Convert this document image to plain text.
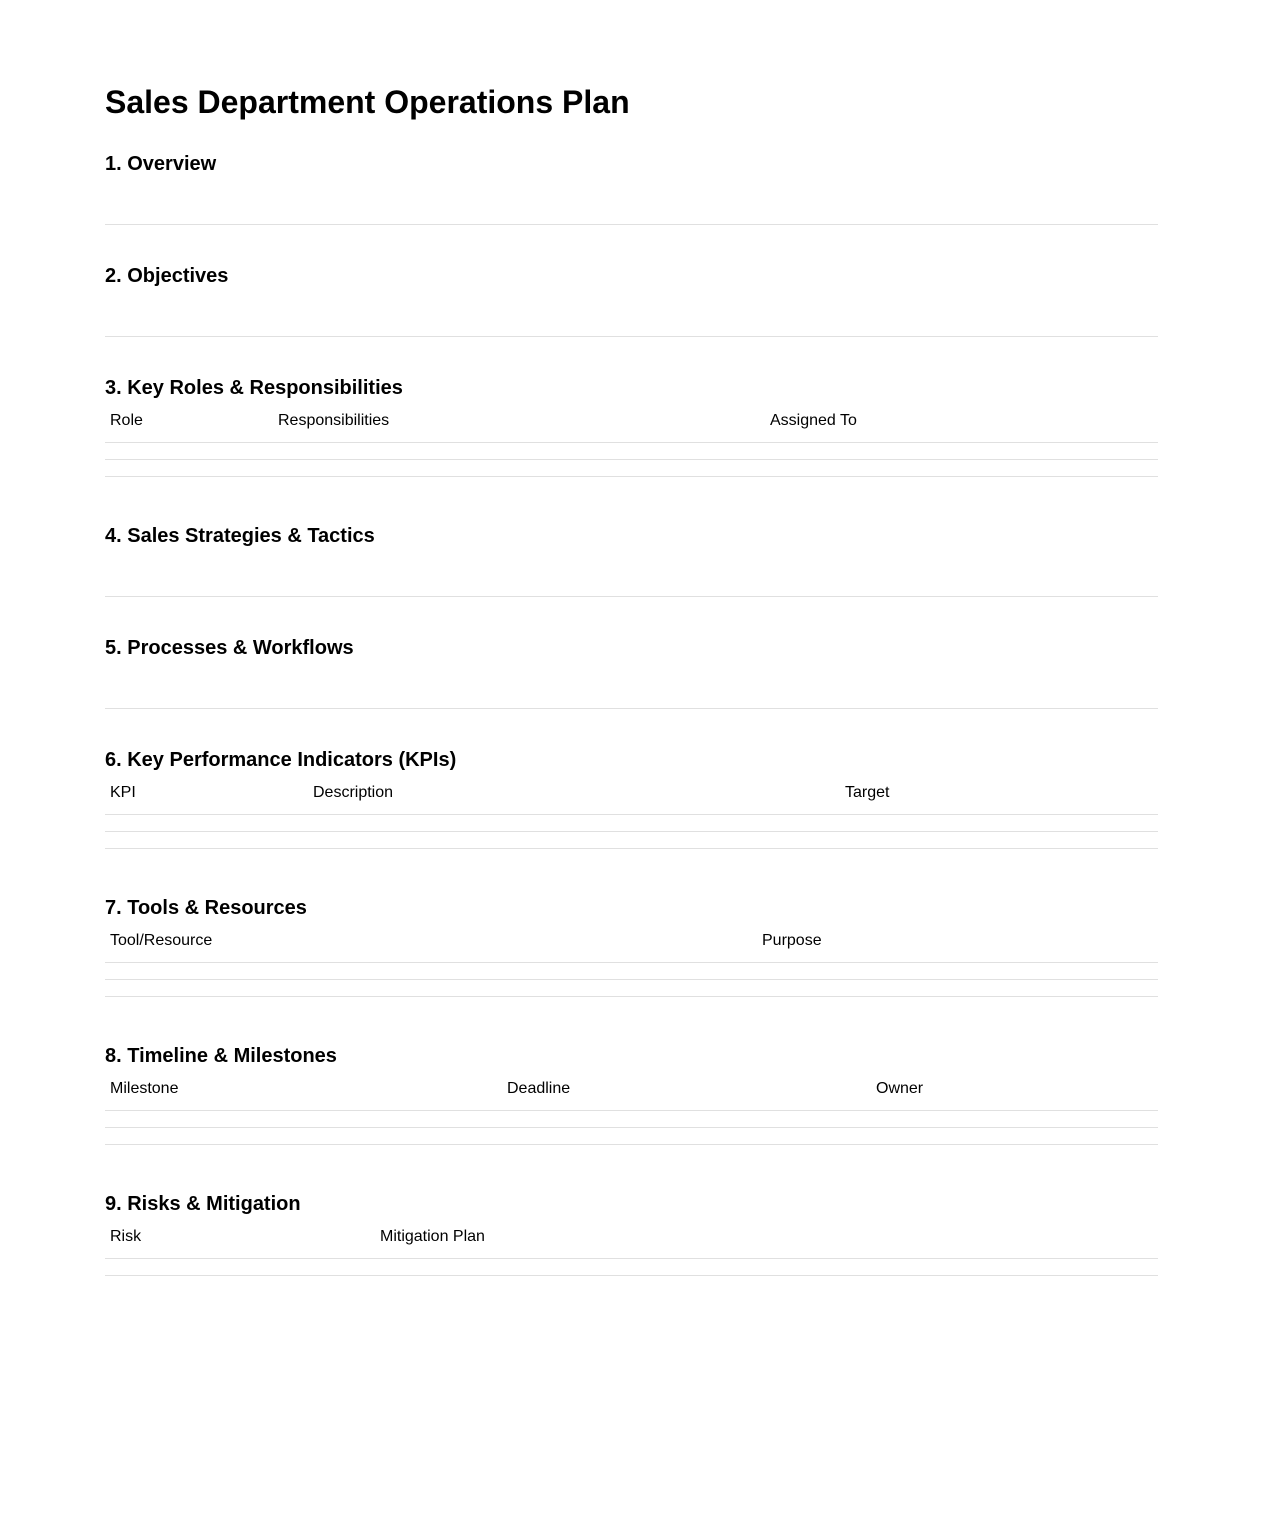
Sales Department Operations Plan
1. Overview
2. Objectives
3. Key Roles & Responsibilities
Role	Responsibilities	Assigned To
4. Sales Strategies & Tactics
5. Processes & Workflows
6. Key Performance Indicators (KPIs)
KPI	Description	Target
7. Tools & Resources
Tool/Resource	Purpose
8. Timeline & Milestones
Milestone	Deadline	Owner
9. Risks & Mitigation
Risk	Mitigation Plan
